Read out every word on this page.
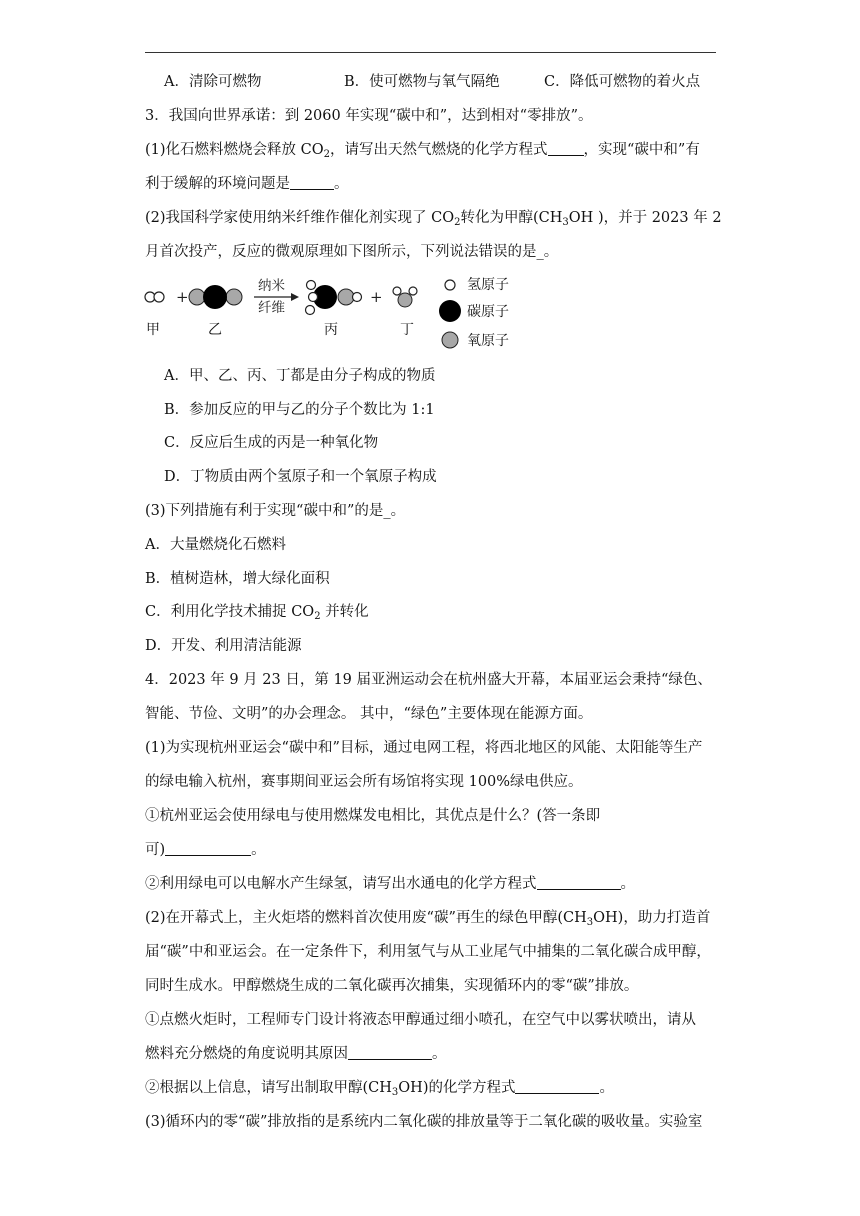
A．清除可燃物	B．使可燃物与氧气隔绝	C．降低可燃物的着火点
3．我国向世界承诺：到 2060 年实现“碳中和”，达到相对“零排放”。
(1)化石燃料燃烧会释放 $CO_2$，请写出天然气燃烧的化学方程式 ，实现“碳中和”有
利于缓解的环境问题是	。
(2)我国科学家使用纳米纤维作催化剂实现了 $CO_2$转化为甲醇($CH_3OH$ )，并于 2023 年 2
月首次投产，反应的微观原理如下图所示，下列说法错误的是_。
+
纳米
纤维
+
氢原子
碳原子
氧原子
甲	乙	丙	丁
A．甲、乙、丙、丁都是由分子构成的物质
B．参加反应的甲与乙的分子个数比为 1:1
C．反应后生成的丙是一种氧化物
D．丁物质由两个氢原子和一个氧原子构成
(3)下列措施有利于实现“碳中和”的是_。
A．大量燃烧化石燃料
B．植树造林，增大绿化面积
C．利用化学技术捕捉 $CO_2$ 并转化
D．开发、利用清洁能源
4．2023 年 9 月 23 日，第 19 届亚洲运动会在杭州盛大开幕，本届亚运会秉持“绿色、
智能、节俭、文明”的办会理念。 其中，“绿色”主要体现在能源方面。
(1)为实现杭州亚运会“碳中和”目标，通过电网工程，将西北地区的风能、太阳能等生产
的绿电输入杭州，赛事期间亚运会所有场馆将实现 100%绿电供应。
①杭州亚运会使用绿电与使用燃煤发电相比，其优点是什么？(答一条即
可)	。
②利用绿电可以电解水产生绿氢，请写出水通电的化学方程式	。
(2)在开幕式上，主火炬塔的燃料首次使用废“碳”再生的绿色甲醇$(CH_3OH)$，助力打造首
届“碳”中和亚运会。在一定条件下，利用氢气与从工业尾气中捕集的二氧化碳合成甲醇，
同时生成水。甲醇燃烧生成的二氧化碳再次捕集，实现循环内的零“碳”排放。
①点燃火炬时，工程师专门设计将液态甲醇通过细小喷孔，在空气中以雾状喷出，请从
燃料充分燃烧的角度说明其原因	。
②根据以上信息，请写出制取甲醇$(CH_3OH)$的化学方程式	。
(3)循环内的零“碳”排放指的是系统内二氧化碳的排放量等于二氧化碳的吸收量。实验室
